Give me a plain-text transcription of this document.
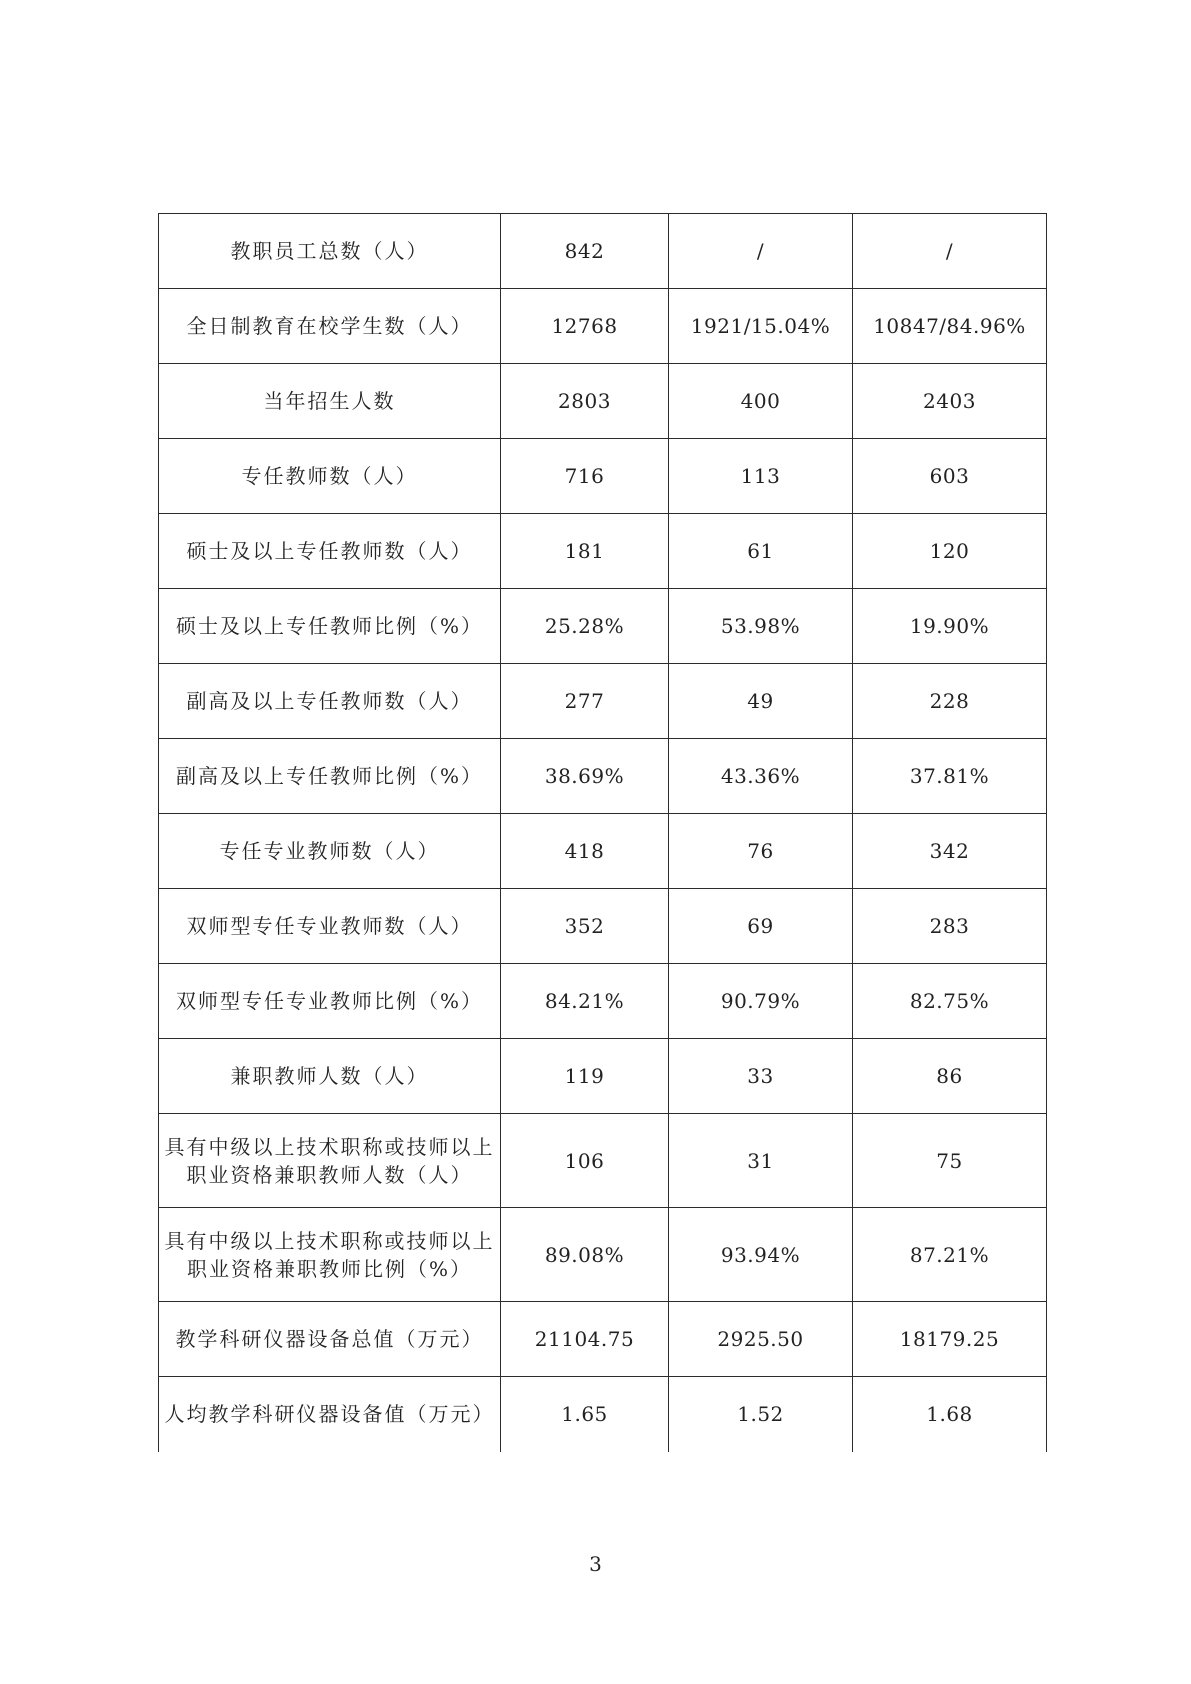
教职员工总数（人）	842	/	/
全日制教育在校学生数（人）	12768	1921/15.04%	10847/84.96%
当年招生人数	2803	400	2403
专任教师数（人）	716	113	603
硕士及以上专任教师数（人）	181	61	120
硕士及以上专任教师比例（%）	25.28%	53.98%	19.90%
副高及以上专任教师数（人）	277	49	228
副高及以上专任教师比例（%）	38.69%	43.36%	37.81%
专任专业教师数（人）	418	76	342
双师型专任专业教师数（人）	352	69	283
双师型专任专业教师比例（%）	84.21%	90.79%	82.75%
兼职教师人数（人）	119	33	86
具有中级以上技术职称或技师以上
职业资格兼职教师人数（人）	106	31	75
具有中级以上技术职称或技师以上
职业资格兼职教师比例（%）	89.08%	93.94%	87.21%
教学科研仪器设备总值（万元）	21104.75	2925.50	18179.25
人均教学科研仪器设备值（万元）	1.65	1.52	1.68
3
